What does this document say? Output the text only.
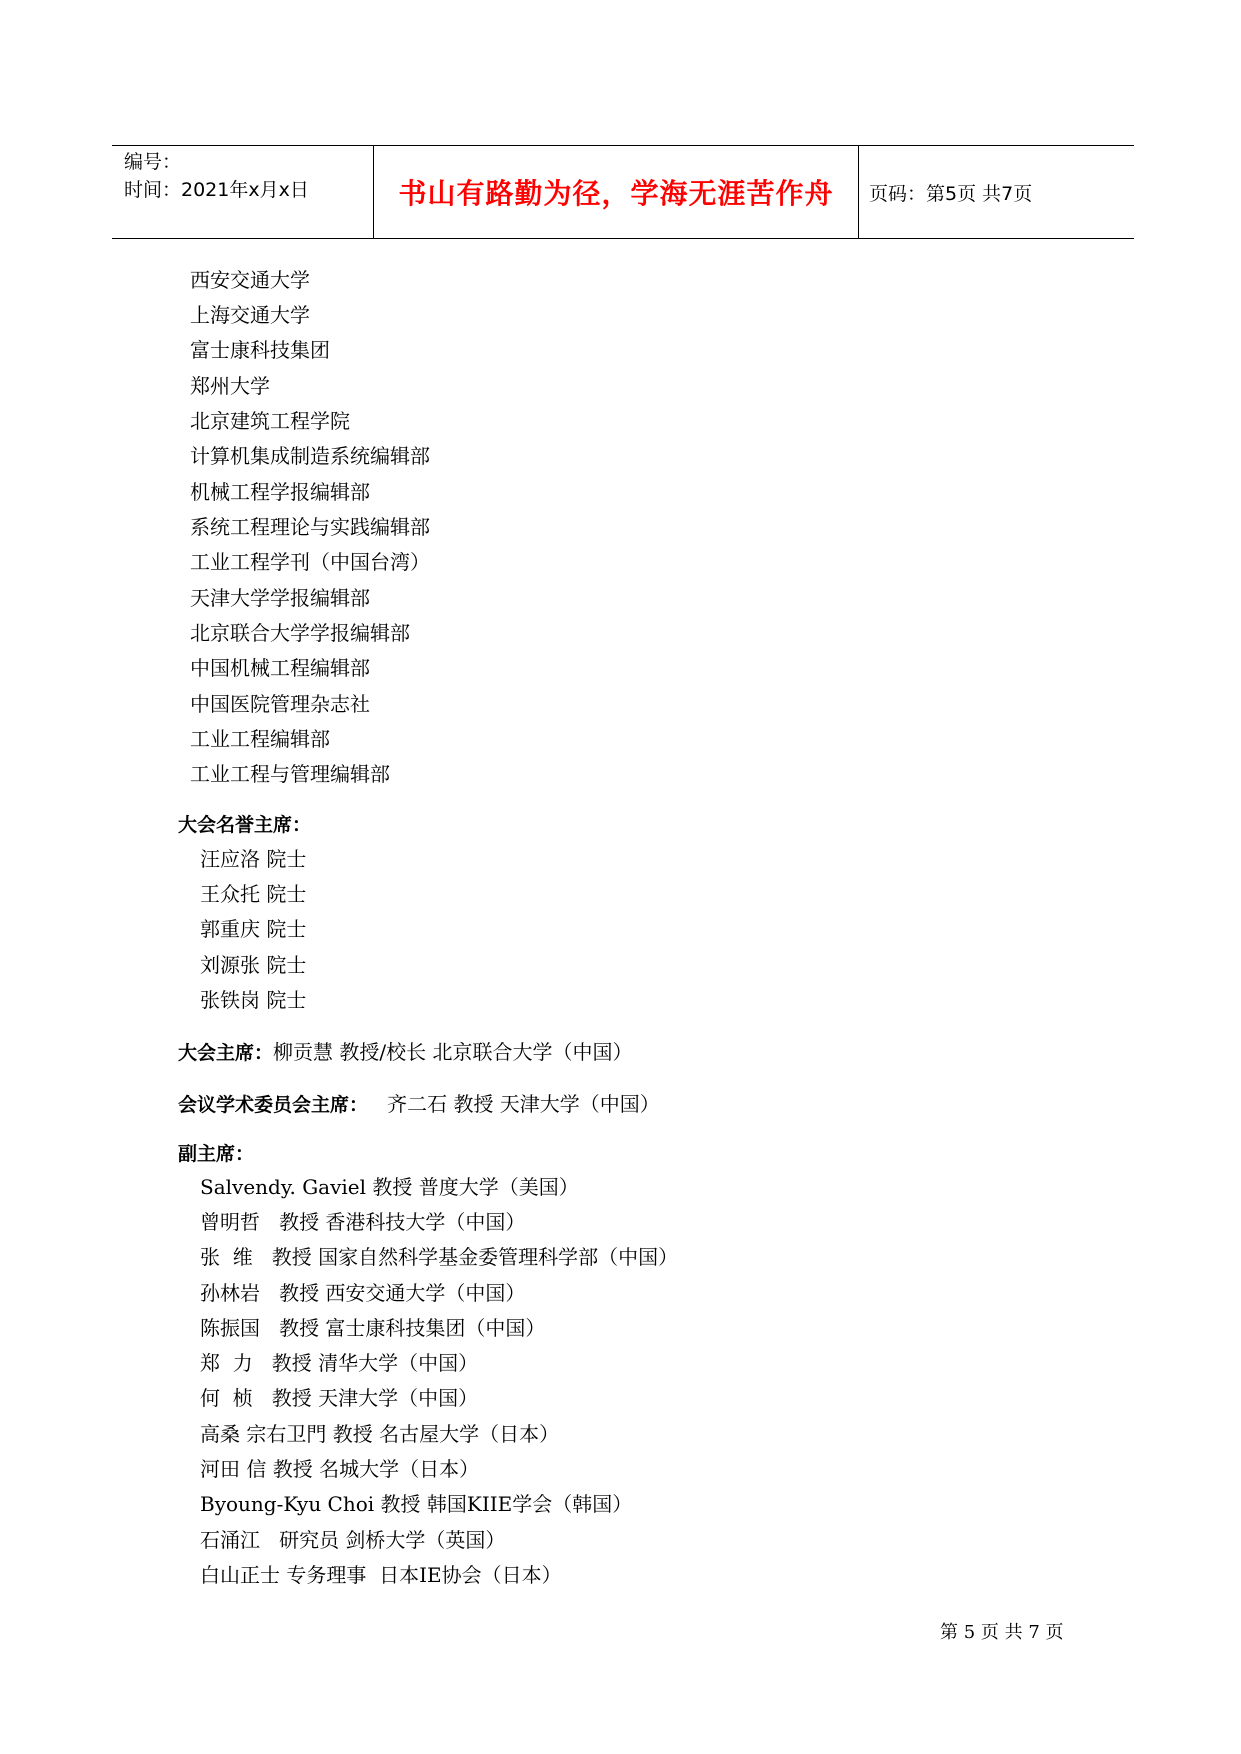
编号：
时间：2021年x月x日	书山有路勤为径，学海无涯苦作舟	页码：第5页 共7页
西安交通大学
上海交通大学
富士康科技集团
郑州大学
北京建筑工程学院
计算机集成制造系统编辑部
机械工程学报编辑部
系统工程理论与实践编辑部
工业工程学刊（中国台湾）
天津大学学报编辑部
北京联合大学学报编辑部
中国机械工程编辑部
中国医院管理杂志社
工业工程编辑部
工业工程与管理编辑部
大会名誉主席：
汪应洛 院士
王众托 院士
郭重庆 院士
刘源张 院士
张铁岗 院士
大会主席：柳贡慧 教授/校长 北京联合大学（中国）
会议学术委员会主席： 齐二石 教授 天津大学（中国）
副主席：
Salvendy. Gaviel 教授 普度大学（美国）
曾明哲   教授 香港科技大学（中国）
张  维   教授 国家自然科学基金委管理科学部（中国）
孙林岩   教授 西安交通大学（中国）
陈振国   教授 富士康科技集团（中国）
郑  力   教授 清华大学（中国）
何  桢   教授 天津大学（中国）
高桑 宗右卫門 教授 名古屋大学（日本）
河田 信 教授 名城大学（日本）
Byoung-Kyu Choi 教授 韩国KIIE学会（韩国）
石涌江   研究员 剑桥大学（英国）
白山正士 专务理事  日本IE协会（日本）
第 5 页 共 7 页
